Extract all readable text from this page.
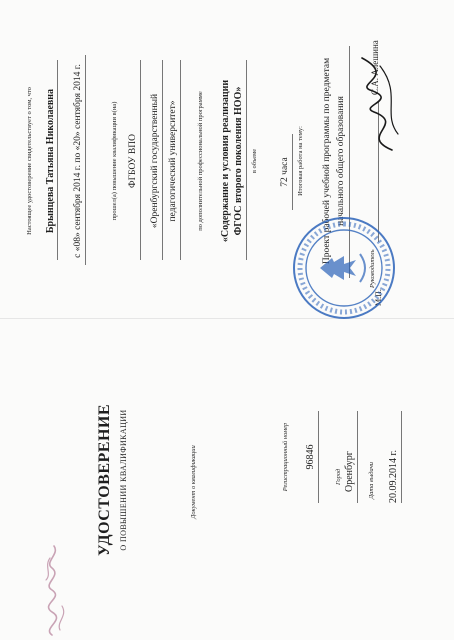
УДОСТОВЕРЕНИЕ О ПОВЫШЕНИИ КВАЛИФИКАЦИИ	Документ о квалификации	Регистрационный номер 96846
Город Оренбург Дата выдачи 20.09.2014 г.
Настоящее удостоверение свидетельствует о том, что Брынцева Татьяна Николаевна с «08» сентября 2014 г. по «20» сентября 2014 г.	прошел(а) повышение квалификации в(на) ФГБОУ ВПО «Оренбургский государственный педагогический университет»	по дополнительной профессиональной программе «Содержание и условия реализации ФГОС второго поколения НОО» в объеме 72 часа Итоговая работа на тему: Проект рабочей учебной программы по предметам начального общего образования
М.П.
Руководитель
С.А. Алешина
